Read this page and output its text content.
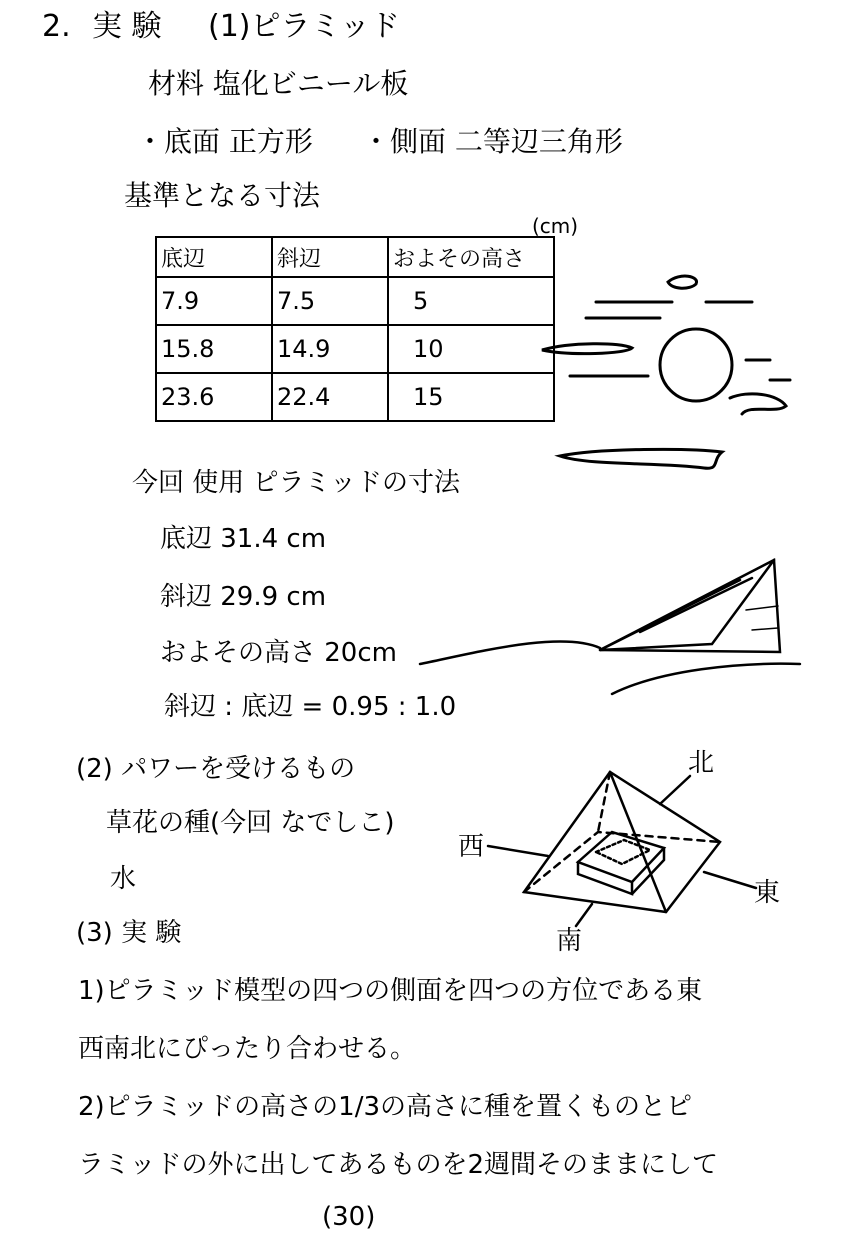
2. 実 験 (1)ピラミッド
材料 塩化ビニール板
・底面 正方形 ・側面 二等辺三角形
基準となる寸法
(cm)
底辺	斜辺	およその高さ
7.9	7.5	5
15.8	14.9	10
23.6	22.4	15
今回 使用 ピラミッドの寸法
底辺 31.4 cm
斜辺 29.9 cm
およその高さ 20cm
斜辺 : 底辺 = 0.95 : 1.0
(2) パワーを受けるもの
草花の種(今回 なでしこ)
水
(3) 実 験
1)ピラミッド模型の四つの側面を四つの方位である東
西南北にぴったり合わせる。
2)ピラミッドの高さの1/3の高さに種を置くものとピ
ラミッドの外に出してあるものを2週間そのままにして
(30)
北
西
東
南
